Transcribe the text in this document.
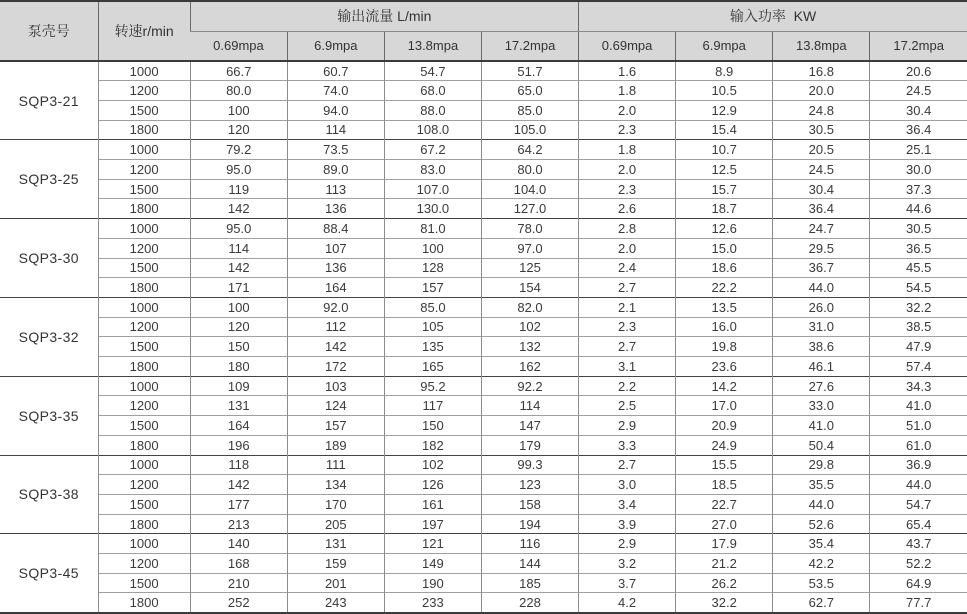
泵壳号	转速r/min	输出流量 L/min				输入功率  KW			
		0.69mpa	6.9mpa	13.8mpa	17.2mpa	0.69mpa	6.9mpa	13.8mpa	17.2mpa
SQP3-21	1000	66.7	60.7	54.7	51.7	1.6	8.9	16.8	20.6
	1200	80.0	74.0	68.0	65.0	1.8	10.5	20.0	24.5
	1500	100	94.0	88.0	85.0	2.0	12.9	24.8	30.4
	1800	120	114	108.0	105.0	2.3	15.4	30.5	36.4
SQP3-25	1000	79.2	73.5	67.2	64.2	1.8	10.7	20.5	25.1
	1200	95.0	89.0	83.0	80.0	2.0	12.5	24.5	30.0
	1500	119	113	107.0	104.0	2.3	15.7	30.4	37.3
	1800	142	136	130.0	127.0	2.6	18.7	36.4	44.6
SQP3-30	1000	95.0	88.4	81.0	78.0	2.8	12.6	24.7	30.5
	1200	114	107	100	97.0	2.0	15.0	29.5	36.5
	1500	142	136	128	125	2.4	18.6	36.7	45.5
	1800	171	164	157	154	2.7	22.2	44.0	54.5
SQP3-32	1000	100	92.0	85.0	82.0	2.1	13.5	26.0	32.2
	1200	120	112	105	102	2.3	16.0	31.0	38.5
	1500	150	142	135	132	2.7	19.8	38.6	47.9
	1800	180	172	165	162	3.1	23.6	46.1	57.4
SQP3-35	1000	109	103	95.2	92.2	2.2	14.2	27.6	34.3
	1200	131	124	117	114	2.5	17.0	33.0	41.0
	1500	164	157	150	147	2.9	20.9	41.0	51.0
	1800	196	189	182	179	3.3	24.9	50.4	61.0
SQP3-38	1000	118	111	102	99.3	2.7	15.5	29.8	36.9
	1200	142	134	126	123	3.0	18.5	35.5	44.0
	1500	177	170	161	158	3.4	22.7	44.0	54.7
	1800	213	205	197	194	3.9	27.0	52.6	65.4
SQP3-45	1000	140	131	121	116	2.9	17.9	35.4	43.7
	1200	168	159	149	144	3.2	21.2	42.2	52.2
	1500	210	201	190	185	3.7	26.2	53.5	64.9
	1800	252	243	233	228	4.2	32.2	62.7	77.7
